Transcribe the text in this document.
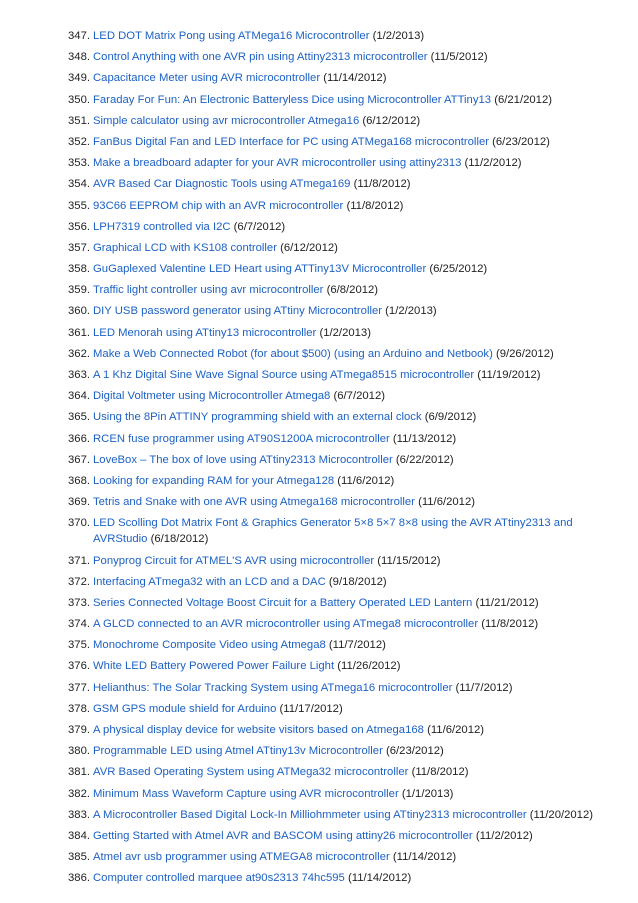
347. LED DOT Matrix Pong using ATMega16 Microcontroller (1/2/2013)
348. Control Anything with one AVR pin using Attiny2313 microcontroller (11/5/2012)
349. Capacitance Meter using AVR microcontroller (11/14/2012)
350. Faraday For Fun: An Electronic Batteryless Dice using Microcontroller ATTiny13 (6/21/2012)
351. Simple calculator using avr microcontroller Atmega16 (6/12/2012)
352. FanBus Digital Fan and LED Interface for PC using ATMega168 microcontroller (6/23/2012)
353. Make a breadboard adapter for your AVR microcontroller using attiny2313 (11/2/2012)
354. AVR Based Car Diagnostic Tools using ATmega169 (11/8/2012)
355. 93C66 EEPROM chip with an AVR microcontroller (11/8/2012)
356. LPH7319 controlled via I2C (6/7/2012)
357. Graphical LCD with KS108 controller (6/12/2012)
358. GuGaplexed Valentine LED Heart using ATTiny13V Microcontroller (6/25/2012)
359. Traffic light controller using avr microcontroller (6/8/2012)
360. DIY USB password generator using ATtiny Microcontroller (1/2/2013)
361. LED Menorah using ATtiny13 microcontroller (1/2/2013)
362. Make a Web Connected Robot (for about $500) (using an Arduino and Netbook) (9/26/2012)
363. A 1 Khz Digital Sine Wave Signal Source using ATmega8515 microcontroller (11/19/2012)
364. Digital Voltmeter using Microcontroller Atmega8 (6/7/2012)
365. Using the 8Pin ATTINY programming shield with an external clock (6/9/2012)
366. RCEN fuse programmer using AT90S1200A microcontroller (11/13/2012)
367. LoveBox – The box of love using ATtiny2313 Microcontroller (6/22/2012)
368. Looking for expanding RAM for your Atmega128 (11/6/2012)
369. Tetris and Snake with one AVR using Atmega168 microcontroller (11/6/2012)
370. LED Scolling Dot Matrix Font & Graphics Generator 5×8 5×7 8×8 using the AVR ATtiny2313 and AVRStudio (6/18/2012)
371. Ponyprog Circuit for ATMEL'S AVR using microcontroller (11/15/2012)
372. Interfacing ATmega32 with an LCD and a DAC (9/18/2012)
373. Series Connected Voltage Boost Circuit for a Battery Operated LED Lantern (11/21/2012)
374. A GLCD connected to an AVR microcontroller using ATmega8 microcontroller (11/8/2012)
375. Monochrome Composite Video using Atmega8 (11/7/2012)
376. White LED Battery Powered Power Failure Light (11/26/2012)
377. Helianthus: The Solar Tracking System using ATmega16 microcontroller (11/7/2012)
378. GSM GPS module shield for Arduino (11/17/2012)
379. A physical display device for website visitors based on Atmega168 (11/6/2012)
380. Programmable LED using Atmel ATtiny13v Microcontroller (6/23/2012)
381. AVR Based Operating System using ATMega32 microcontroller (11/8/2012)
382. Minimum Mass Waveform Capture using AVR microcontroller (1/1/2013)
383. A Microcontroller Based Digital Lock-In Milliohmmeter using ATtiny2313 microcontroller (11/20/2012)
384. Getting Started with Atmel AVR and BASCOM using attiny26 microcontroller (11/2/2012)
385. Atmel avr usb programmer using ATMEGA8 microcontroller (11/14/2012)
386. Computer controlled marquee at90s2313 74hc595 (11/14/2012)
